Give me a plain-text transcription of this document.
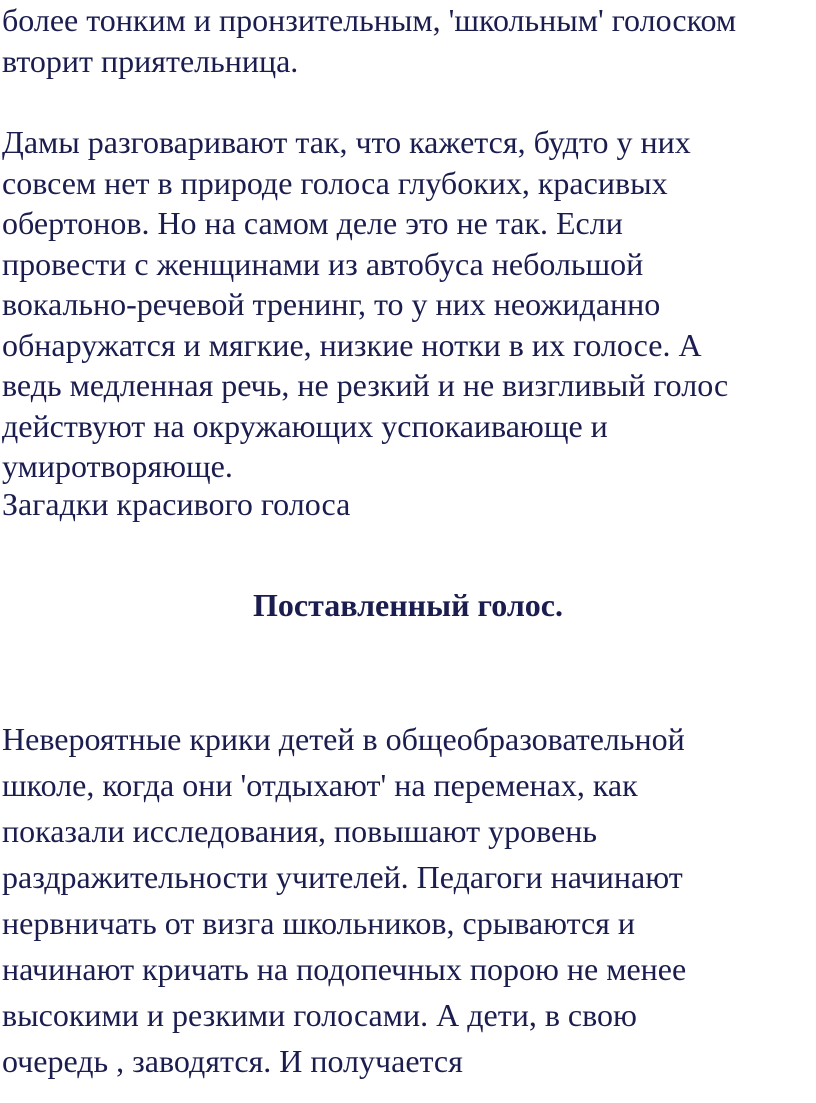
более тонким и пронзительным, 'школьным' голоском
вторит приятельница.

Дамы разговаривают так, что кажется, будто у них
совсем нет в природе голоса глубоких, красивых
обертонов. Но на самом деле это не так. Если
провести с женщинами из автобуса небольшой
вокально-речевой тренинг, то у них неожиданно
обнаружатся и мягкие, низкие нотки в их голосе. А
ведь медленная речь, не резкий и не визгливый голос
действуют на окружающих успокаивающе и
умиротворяюще.

Загадки красивого голоса

Поставленный голос.

Невероятные крики детей в общеобразовательной
школе, когда они 'отдыхают' на переменах, как
показали исследования, повышают уровень
раздражительности учителей. Педагоги начинают
нервничать от визга школьников, срываются и
начинают кричать на подопечных порою не менее
высокими и резкими голосами. А дети, в свою
очередь , заводятся. И получается
